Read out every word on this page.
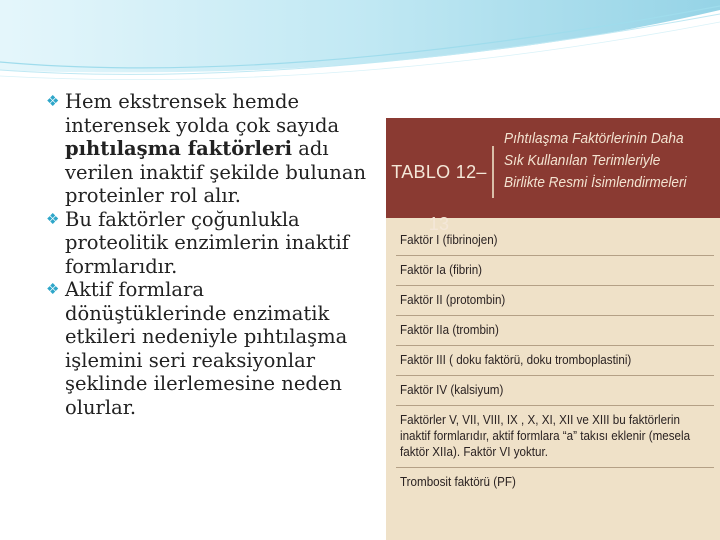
❖ Hem ekstrensek hemde interensek yolda çok sayıda pıhtılaşma faktörleri adı verilen inaktif şekilde bulunan proteinler rol alır.

❖ Bu faktörler çoğunlukla proteolitik enzimlerin inaktif formlarıdır.

❖ Aktif formlara dönüştüklerinde enzimatik etkileri nedeniyle pıhtılaşma işlemini seri reaksiyonlar şeklinde ilerlemesine neden olurlar.

TABLO 12–13
Pıhtılaşma Faktörlerinin Daha
Sık Kullanılan Terimleriyle
Birlikte Resmi İsimlendirmeleri
Faktör I (fibrinojen)
Faktör Ia (fibrin)
Faktör II (protombin)
Faktör IIa (trombin)
Faktör III ( doku faktörü, doku tromboplastini)
Faktör IV (kalsiyum)
Faktörler V, VII, VIII, IX , X, XI, XII ve XIII bu faktörlerin inaktif formlarıdır, aktif formlara “a” takısı eklenir (mesela faktör XIIa). Faktör VI yoktur.
Trombosit faktörü (PF)
